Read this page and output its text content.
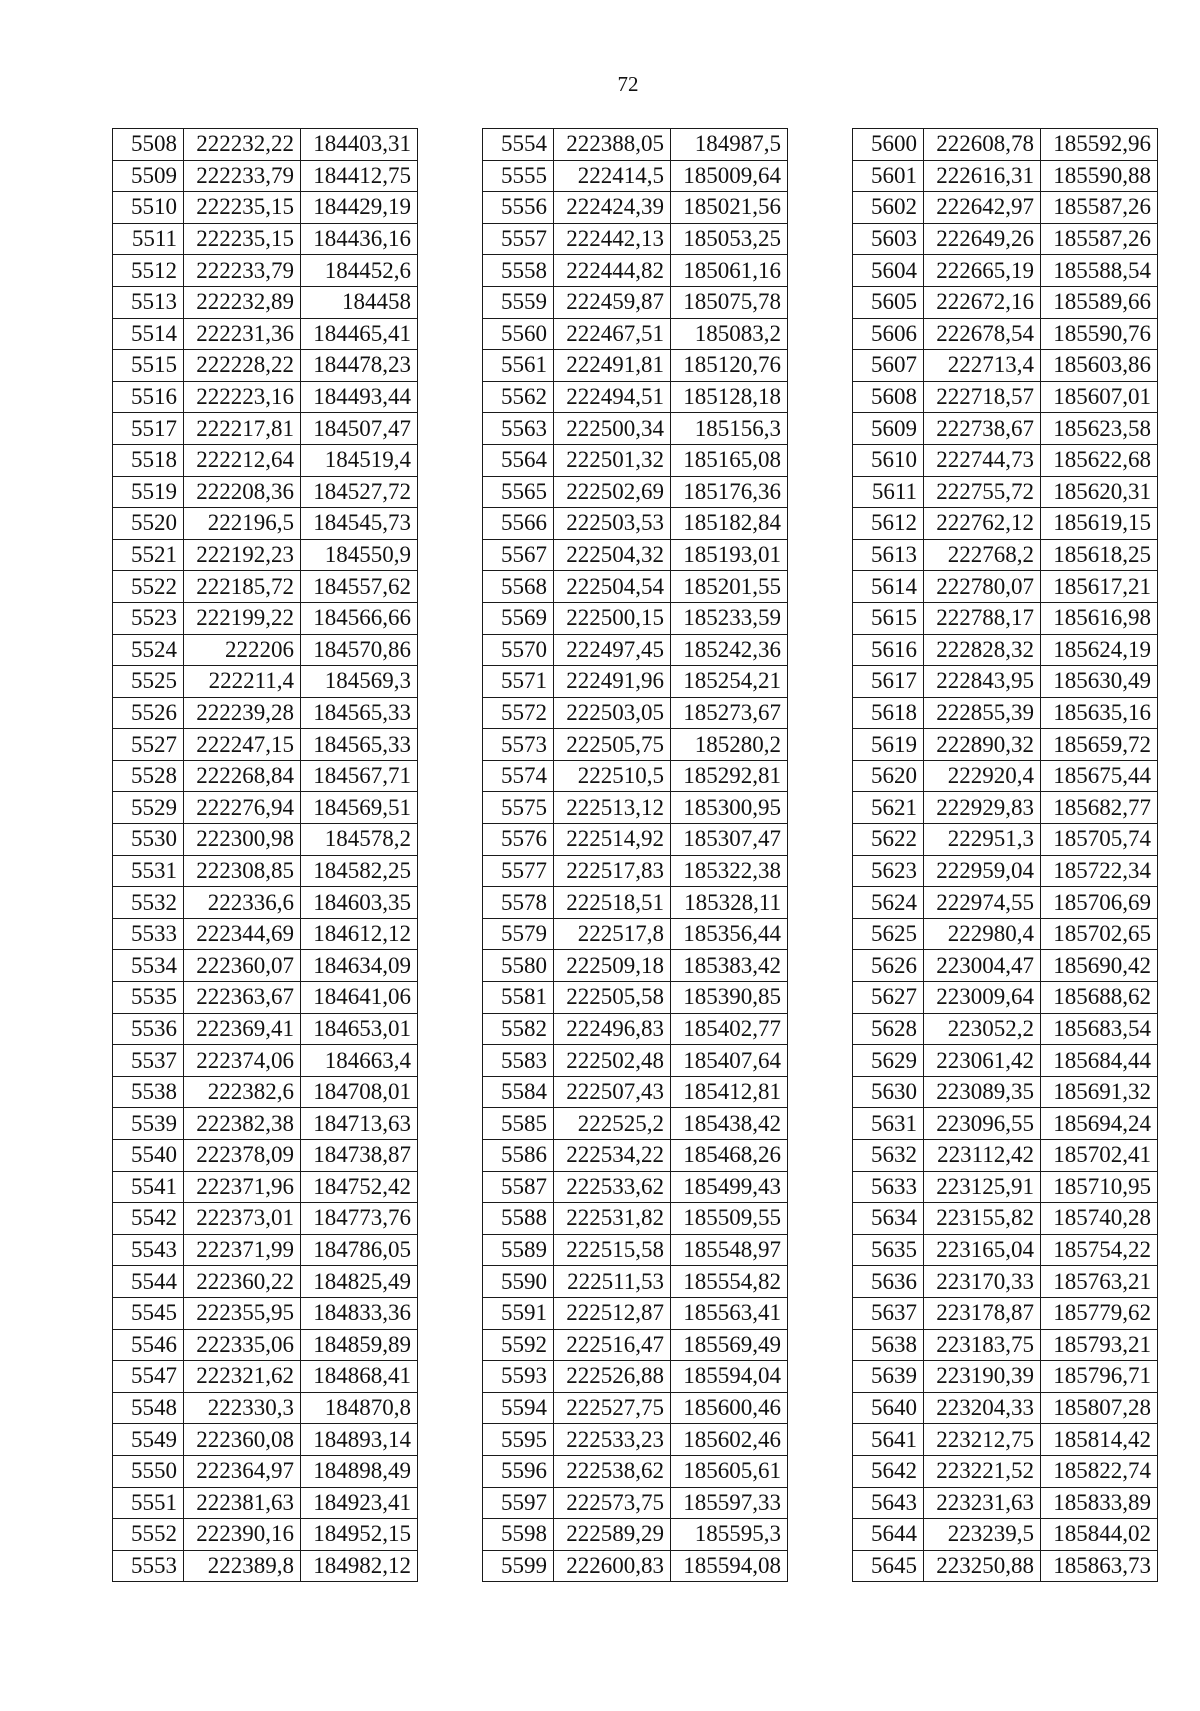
72
5508	222232,22	184403,31
5509	222233,79	184412,75
5510	222235,15	184429,19
5511	222235,15	184436,16
5512	222233,79	184452,6
5513	222232,89	184458
5514	222231,36	184465,41
5515	222228,22	184478,23
5516	222223,16	184493,44
5517	222217,81	184507,47
5518	222212,64	184519,4
5519	222208,36	184527,72
5520	222196,5	184545,73
5521	222192,23	184550,9
5522	222185,72	184557,62
5523	222199,22	184566,66
5524	222206	184570,86
5525	222211,4	184569,3
5526	222239,28	184565,33
5527	222247,15	184565,33
5528	222268,84	184567,71
5529	222276,94	184569,51
5530	222300,98	184578,2
5531	222308,85	184582,25
5532	222336,6	184603,35
5533	222344,69	184612,12
5534	222360,07	184634,09
5535	222363,67	184641,06
5536	222369,41	184653,01
5537	222374,06	184663,4
5538	222382,6	184708,01
5539	222382,38	184713,63
5540	222378,09	184738,87
5541	222371,96	184752,42
5542	222373,01	184773,76
5543	222371,99	184786,05
5544	222360,22	184825,49
5545	222355,95	184833,36
5546	222335,06	184859,89
5547	222321,62	184868,41
5548	222330,3	184870,8
5549	222360,08	184893,14
5550	222364,97	184898,49
5551	222381,63	184923,41
5552	222390,16	184952,15
5553	222389,8	184982,12
5554	222388,05	184987,5
5555	222414,5	185009,64
5556	222424,39	185021,56
5557	222442,13	185053,25
5558	222444,82	185061,16
5559	222459,87	185075,78
5560	222467,51	185083,2
5561	222491,81	185120,76
5562	222494,51	185128,18
5563	222500,34	185156,3
5564	222501,32	185165,08
5565	222502,69	185176,36
5566	222503,53	185182,84
5567	222504,32	185193,01
5568	222504,54	185201,55
5569	222500,15	185233,59
5570	222497,45	185242,36
5571	222491,96	185254,21
5572	222503,05	185273,67
5573	222505,75	185280,2
5574	222510,5	185292,81
5575	222513,12	185300,95
5576	222514,92	185307,47
5577	222517,83	185322,38
5578	222518,51	185328,11
5579	222517,8	185356,44
5580	222509,18	185383,42
5581	222505,58	185390,85
5582	222496,83	185402,77
5583	222502,48	185407,64
5584	222507,43	185412,81
5585	222525,2	185438,42
5586	222534,22	185468,26
5587	222533,62	185499,43
5588	222531,82	185509,55
5589	222515,58	185548,97
5590	222511,53	185554,82
5591	222512,87	185563,41
5592	222516,47	185569,49
5593	222526,88	185594,04
5594	222527,75	185600,46
5595	222533,23	185602,46
5596	222538,62	185605,61
5597	222573,75	185597,33
5598	222589,29	185595,3
5599	222600,83	185594,08
5600	222608,78	185592,96
5601	222616,31	185590,88
5602	222642,97	185587,26
5603	222649,26	185587,26
5604	222665,19	185588,54
5605	222672,16	185589,66
5606	222678,54	185590,76
5607	222713,4	185603,86
5608	222718,57	185607,01
5609	222738,67	185623,58
5610	222744,73	185622,68
5611	222755,72	185620,31
5612	222762,12	185619,15
5613	222768,2	185618,25
5614	222780,07	185617,21
5615	222788,17	185616,98
5616	222828,32	185624,19
5617	222843,95	185630,49
5618	222855,39	185635,16
5619	222890,32	185659,72
5620	222920,4	185675,44
5621	222929,83	185682,77
5622	222951,3	185705,74
5623	222959,04	185722,34
5624	222974,55	185706,69
5625	222980,4	185702,65
5626	223004,47	185690,42
5627	223009,64	185688,62
5628	223052,2	185683,54
5629	223061,42	185684,44
5630	223089,35	185691,32
5631	223096,55	185694,24
5632	223112,42	185702,41
5633	223125,91	185710,95
5634	223155,82	185740,28
5635	223165,04	185754,22
5636	223170,33	185763,21
5637	223178,87	185779,62
5638	223183,75	185793,21
5639	223190,39	185796,71
5640	223204,33	185807,28
5641	223212,75	185814,42
5642	223221,52	185822,74
5643	223231,63	185833,89
5644	223239,5	185844,02
5645	223250,88	185863,73
